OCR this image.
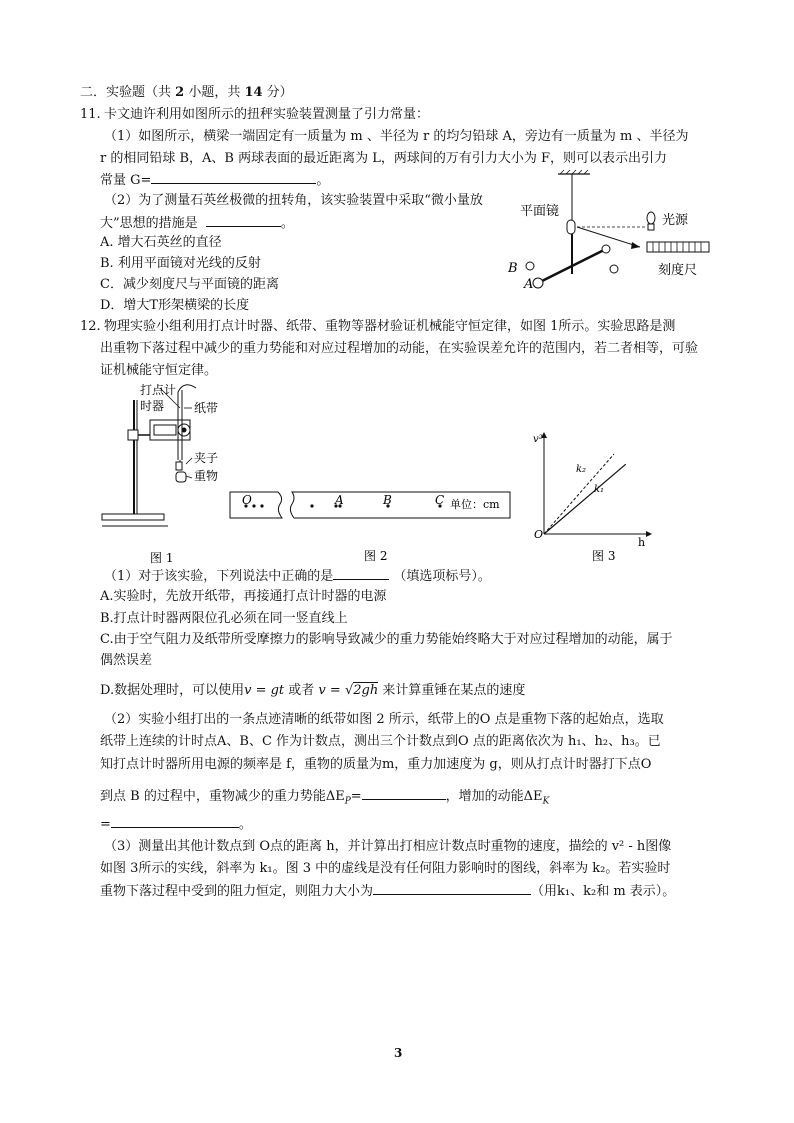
二．实验题（共 2 小题，共 14 分）
11. 卡文迪许利用如图所示的扭秤实验装置测量了引力常量：
（1）如图所示，横梁一端固定有一质量为 m 、半径为 r 的均匀铅球 A，旁边有一质量为 m 、半径为
r 的相同铅球 B，A、B 两球表面的最近距离为 L，两球间的万有引力大小为 F，则可以表示出引力
常量 G=	。
（2）为了测量石英丝极微的扭转角，该实验装置中采取“微小量放
大”思想的措施是	。
A. 增大石英丝的直径
B. 利用平面镜对光线的反射
C．减少刻度尺与平面镜的距离
D．增大T形架横梁的长度
平面镜
光源
刻度尺
B
A
12. 物理实验小组利用打点计时器、纸带、重物等器材验证机械能守恒定律，如图 1所示。实验思路是测
出重物下落过程中减少的重力势能和对应过程增加的动能，在实验误差允许的范围内，若二者相等，可验
证机械能守恒定律。
打点计
时器 纸带
夹子
重物
图 1
O	A	B	C 单位：cm
图 2
v²
h
O
k₂
k₁
图 3
（1）对于该实验，下列说法中正确的是	（填选项标号）。
A.实验时，先放开纸带，再接通打点计时器的电源
B.打点计时器两限位孔必须在同一竖直线上
C.由于空气阻力及纸带所受摩擦力的影响导致减少的重力势能始终略大于对应过程增加的动能，属于
偶然误差
D.数据处理时，可以使用v = gt 或者 v = √2gh 来计算重锤在某点的速度
（2）实验小组打出的一条点迹清晰的纸带如图 2 所示，纸带上的O 点是重物下落的起始点，选取
纸带上连续的计时点A、B、C 作为计数点，测出三个计数点到O 点的距离依次为 h₁、h₂、h₃。已
知打点计时器所用电源的频率是 f，重物的质量为m，重力加速度为 g，则从打点计时器打下点O
到点 B 的过程中，重物减少的重力势能$\Delta E_P=$	，增加的动能$\Delta E_K$
=	。
（3）测量出其他计数点到 O点的距离 h，并计算出打相应计数点时重物的速度，描绘的 v² - h图像
如图 3所示的实线，斜率为 k₁。图 3 中的虚线是没有任何阻力影响时的图线，斜率为 k₂。若实验时
重物下落过程中受到的阻力恒定，则阻力大小为	（用k₁、k₂和 m 表示）。
3
